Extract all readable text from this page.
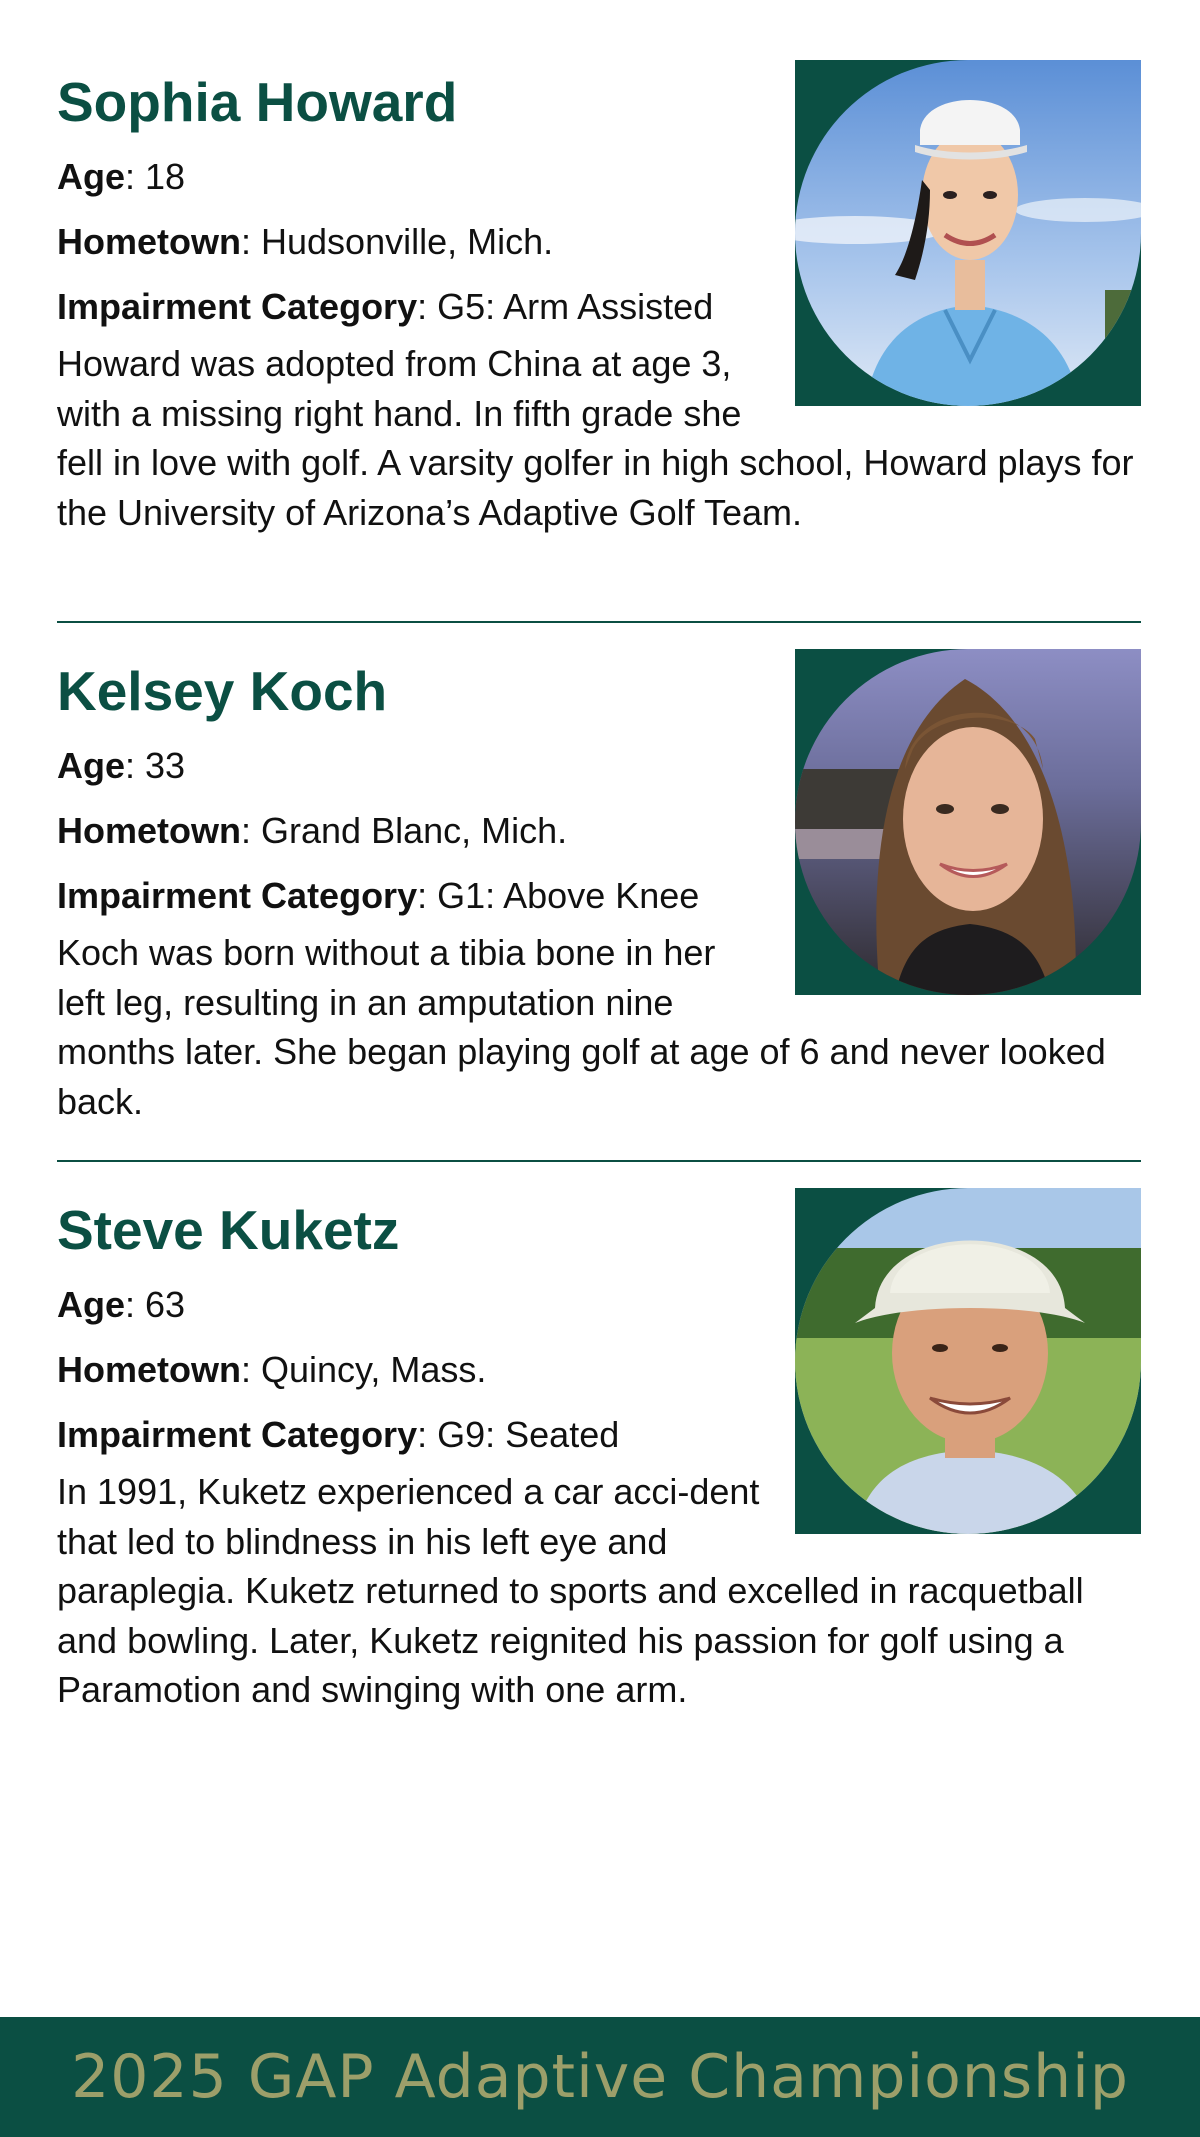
Sophia Howard

Age: 18

Hometown: Hudsonville, Mich.

Impairment Category: G5: Arm Assisted

Howard was adopted from China at age 3, with a missing right hand. In fifth grade she fell in love with golf. A varsity golfer in high school, Howard plays for the University of Arizona’s Adaptive Golf Team.

Kelsey Koch

Age: 33

Hometown: Grand Blanc, Mich.

Impairment Category: G1: Above Knee

Koch was born without a tibia bone in her left leg, resulting in an amputation nine months later. She began playing golf at age of 6 and never looked back.

Steve Kuketz

Age: 63

Hometown: Quincy, Mass.

Impairment Category: G9: Seated

In 1991, Kuketz experienced a car acci-dent that led to blindness in his left eye and paraplegia. Kuketz returned to sports and excelled in racquetball and bowling. Later, Kuketz reignited his passion for golf using a Paramotion and swinging with one arm.

2025 GAP Adaptive Championship
